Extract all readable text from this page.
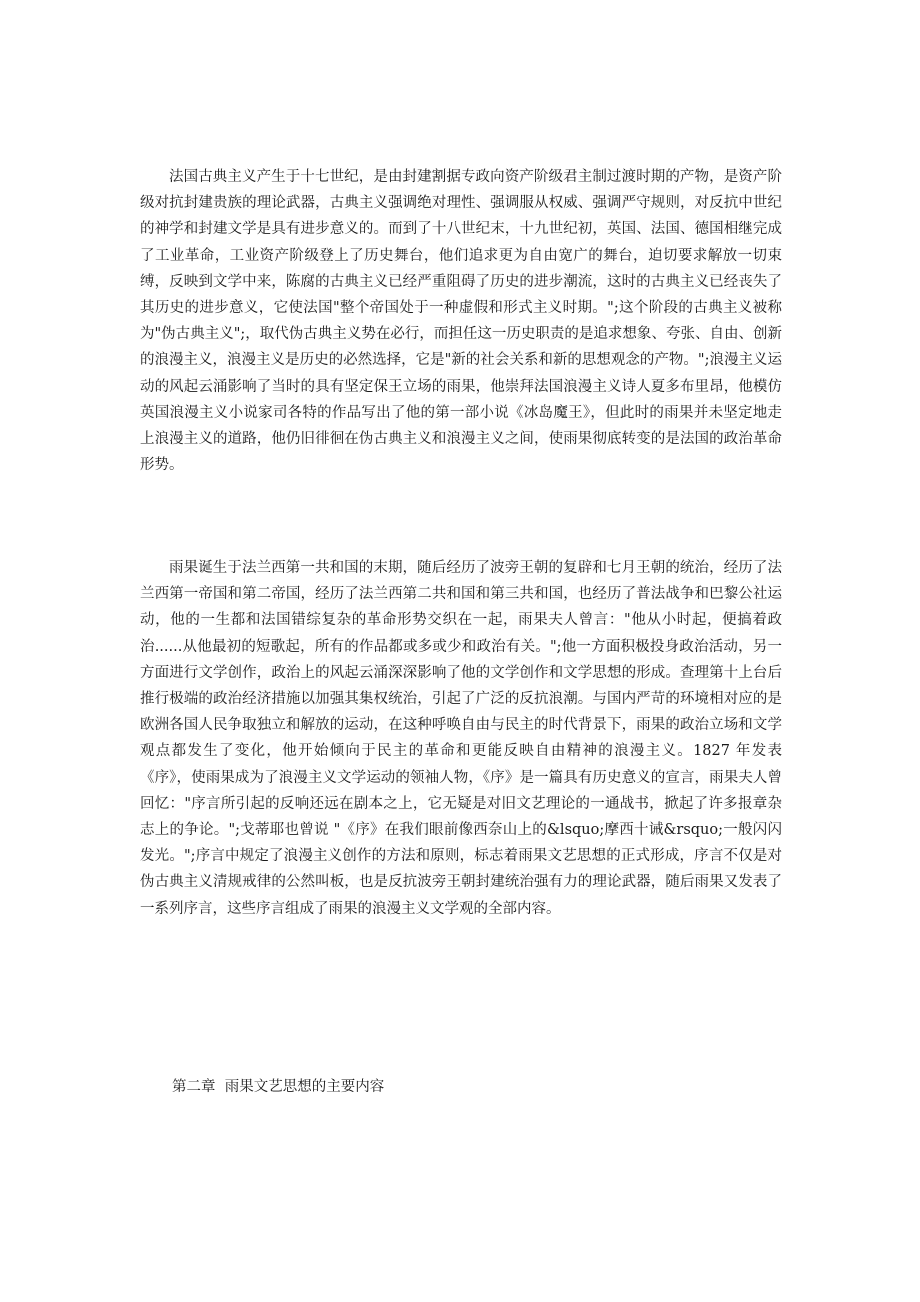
法国古典主义产生于十七世纪，是由封建割据专政向资产阶级君主制过渡时期的产物，是资产阶级对抗封建贵族的理论武器，古典主义强调绝对理性、强调服从权威、强调严守规则，对反抗中世纪的神学和封建文学是具有进步意义的。而到了十八世纪末，十九世纪初，英国、法国、德国相继完成了工业革命，工业资产阶级登上了历史舞台，他们追求更为自由宽广的舞台，迫切要求解放一切束缚，反映到文学中来，陈腐的古典主义已经严重阻碍了历史的进步潮流，这时的古典主义已经丧失了其历史的进步意义，它使法国"整个帝国处于一种虚假和形式主义时期。";这个阶段的古典主义被称为"伪古典主义";，取代伪古典主义势在必行，而担任这一历史职责的是追求想象、夸张、自由、创新的浪漫主义，浪漫主义是历史的必然选择，它是"新的社会关系和新的思想观念的产物。";浪漫主义运动的风起云涌影响了当时的具有坚定保王立场的雨果，他崇拜法国浪漫主义诗人夏多布里昂，他模仿英国浪漫主义小说家司各特的作品写出了他的第一部小说《冰岛魔王》，但此时的雨果并未坚定地走上浪漫主义的道路，他仍旧徘徊在伪古典主义和浪漫主义之间，使雨果彻底转变的是法国的政治革命形势。

雨果诞生于法兰西第一共和国的末期，随后经历了波旁王朝的复辟和七月王朝的统治，经历了法兰西第一帝国和第二帝国，经历了法兰西第二共和国和第三共和国，也经历了普法战争和巴黎公社运动，他的一生都和法国错综复杂的革命形势交织在一起，雨果夫人曾言："他从小时起，便搞着政治......从他最初的短歌起，所有的作品都或多或少和政治有关。";他一方面积极投身政治活动，另一方面进行文学创作，政治上的风起云涌深深影响了他的文学创作和文学思想的形成。查理第十上台后推行极端的政治经济措施以加强其集权统治，引起了广泛的反抗浪潮。与国内严苛的环境相对应的是欧洲各国人民争取独立和解放的运动，在这种呼唤自由与民主的时代背景下，雨果的政治立场和文学观点都发生了变化，他开始倾向于民主的革命和更能反映自由精神的浪漫主义。1827 年发表《序》，使雨果成为了浪漫主义文学运动的领袖人物，《序》是一篇具有历史意义的宣言，雨果夫人曾回忆："序言所引起的反响还远在剧本之上，它无疑是对旧文艺理论的一通战书，掀起了许多报章杂志上的争论。";戈蒂耶也曾说 "《序》在我们眼前像西奈山上的&lsquo;摩西十诫&rsquo;一般闪闪发光。";序言中规定了浪漫主义创作的方法和原则，标志着雨果文艺思想的正式形成，序言不仅是对伪古典主义清规戒律的公然叫板，也是反抗波旁王朝封建统治强有力的理论武器，随后雨果又发表了一系列序言，这些序言组成了雨果的浪漫主义文学观的全部内容。

第二章  雨果文艺思想的主要内容
